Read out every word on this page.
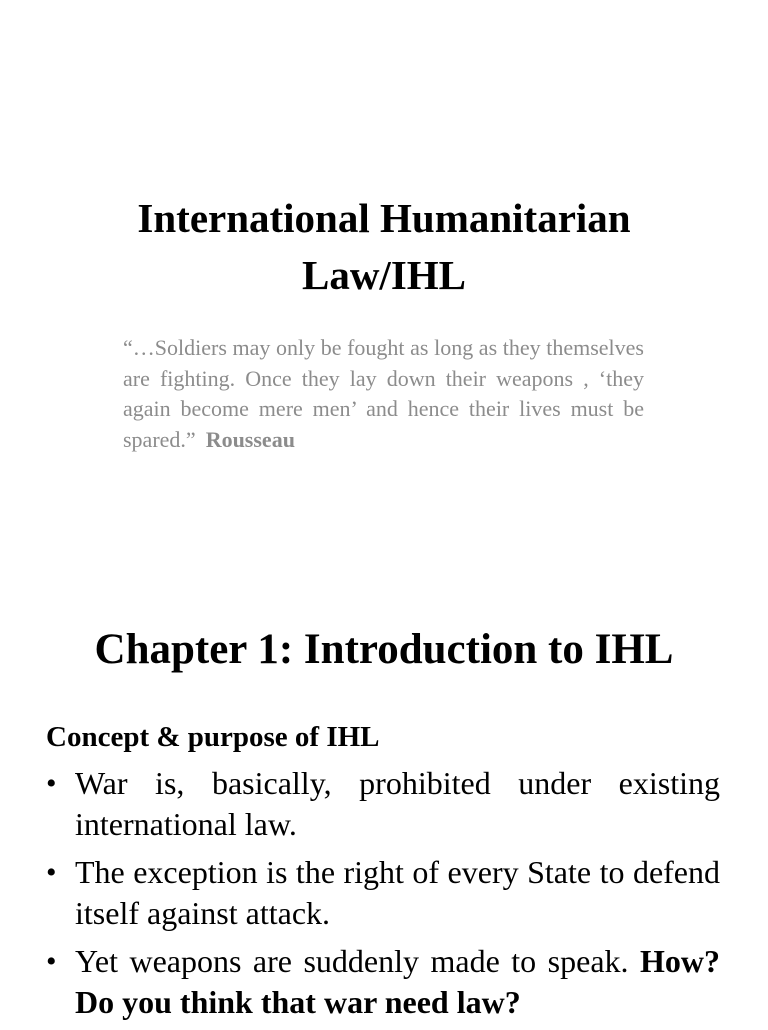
International Humanitarian
Law/IHL

“…Soldiers may only be fought as long as they themselves are fighting. Once they lay down their weapons , ‘they again become mere men’ and hence their lives must be spared.” Rousseau

Chapter 1: Introduction to IHL
Concept & purpose of IHL
• War is, basically, prohibited under existing international law.
• The exception is the right of every State to defend itself against attack.
• Yet weapons are suddenly made to speak. How? Do you think that war need law?
